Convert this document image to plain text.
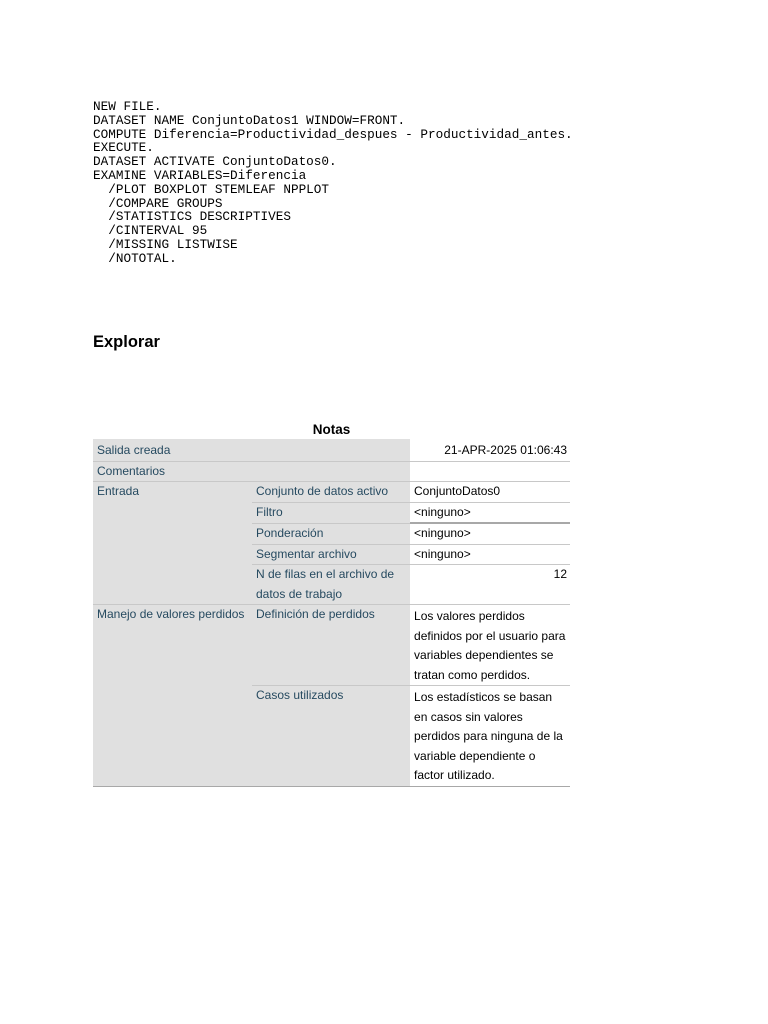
NEW FILE.
DATASET NAME ConjuntoDatos1 WINDOW=FRONT.
COMPUTE Diferencia=Productividad_despues - Productividad_antes.
EXECUTE.
DATASET ACTIVATE ConjuntoDatos0.
EXAMINE VARIABLES=Diferencia
/PLOT BOXPLOT STEMLEAF NPPLOT
/COMPARE GROUPS
/STATISTICS DESCRIPTIVES
/CINTERVAL 95
/MISSING LISTWISE
/NOTOTAL.
Explorar
Notas
Salida creada		21-APR-2025 01:06:43
Comentarios		
Entrada	Conjunto de datos activo	ConjuntoDatos0
	Filtro	<ninguno>
	Ponderación	<ninguno>
	Segmentar archivo	<ninguno>
	N de filas en el archivo de datos de trabajo	12
Manejo de valores perdidos	Definición de perdidos	Los valores perdidos definidos por el usuario para variables dependientes se tratan como perdidos.
	Casos utilizados	Los estadísticos se basan en casos sin valores perdidos para ninguna de la variable dependiente o factor utilizado.
